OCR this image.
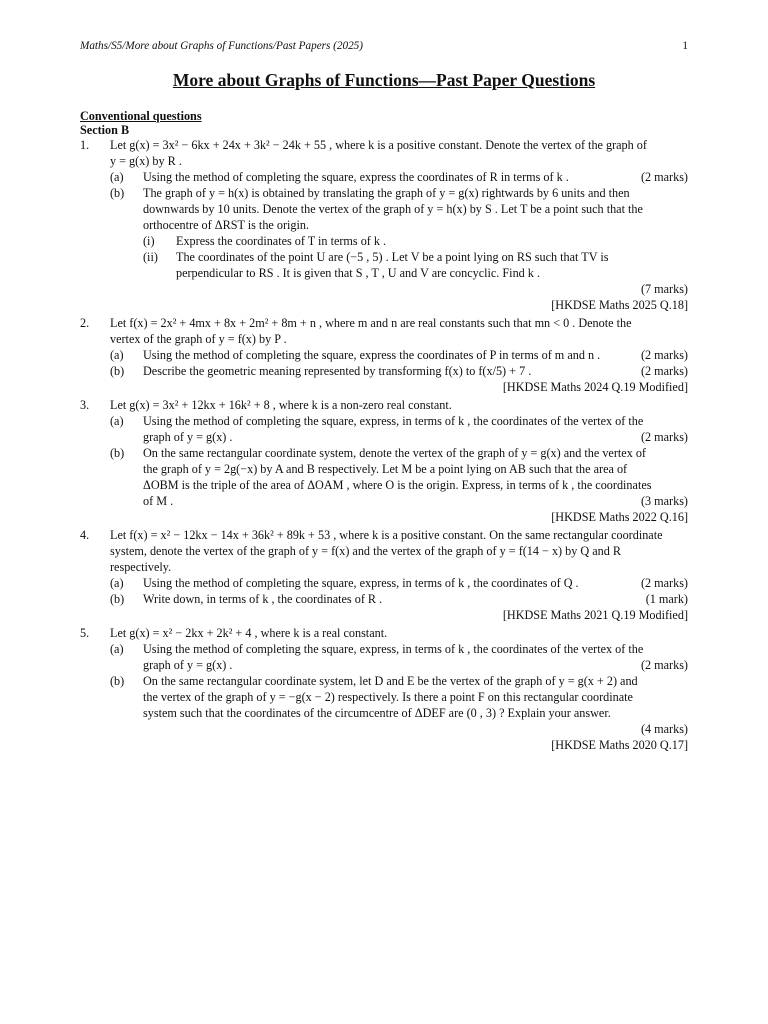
Maths/S5/More about Graphs of Functions/Past Papers (2025)	1
More about Graphs of Functions—Past Paper Questions
Conventional questions
Section B
1. Let g(x) = 3x² − 6kx + 24x + 3k² − 24k + 55 , where k is a positive constant. Denote the vertex of the graph of
y = g(x) by R .
(a)	(2 marks)
Using the method of completing the square, express the coordinates of R in terms of k .
(b) The graph of y = h(x) is obtained by translating the graph of y = g(x) rightwards by 6 units and then
downwards by 10 units. Denote the vertex of the graph of y = h(x) by S . Let T be a point such that the
orthocentre of ΔRST is the origin.
(i) Express the coordinates of T in terms of k .
(ii) The coordinates of the point U are (−5 , 5) . Let V be a point lying on RS such that TV is
perpendicular to RS . It is given that S , T , U and V are concyclic. Find k .
(7 marks)
[HKDSE Maths 2025 Q.18]
2. Let f(x) = 2x² + 4mx + 8x + 2m² + 8m + n , where m and n are real constants such that mn < 0 . Denote the
vertex of the graph of y = f(x) by P .
(a)	(2 marks)
Using the method of completing the square, express the coordinates of P in terms of m and n .
(b)	(2 marks)
Describe the geometric meaning represented by transforming f(x) to f(x/5) + 7 .
[HKDSE Maths 2024 Q.19 Modified]
3. Let g(x) = 3x² + 12kx + 16k² + 8 , where k is a non-zero real constant.
(a) Using the method of completing the square, express, in terms of k , the coordinates of the vertex of the
(2 marks)
graph of y = g(x) .
(b) On the same rectangular coordinate system, denote the vertex of the graph of y = g(x) and the vertex of
the graph of y = 2g(−x) by A and B respectively. Let M be a point lying on AB such that the area of
ΔOBM is the triple of the area of ΔOAM , where O is the origin. Express, in terms of k , the coordinates
(3 marks)
of M .
[HKDSE Maths 2022 Q.16]
4. Let f(x) = x² − 12kx − 14x + 36k² + 89k + 53 , where k is a positive constant. On the same rectangular coordinate
system, denote the vertex of the graph of y = f(x) and the vertex of the graph of y = f(14 − x) by Q and R
respectively.
(a)	(2 marks)
Using the method of completing the square, express, in terms of k , the coordinates of Q .
(b)	(1 mark)
Write down, in terms of k , the coordinates of R .
[HKDSE Maths 2021 Q.19 Modified]
5. Let g(x) = x² − 2kx + 2k² + 4 , where k is a real constant.
(a) Using the method of completing the square, express, in terms of k , the coordinates of the vertex of the
(2 marks)
graph of y = g(x) .
(b) On the same rectangular coordinate system, let D and E be the vertex of the graph of y = g(x + 2) and
the vertex of the graph of y = −g(x − 2) respectively. Is there a point F on this rectangular coordinate
system such that the coordinates of the circumcentre of ΔDEF are (0 , 3) ? Explain your answer.
(4 marks)
[HKDSE Maths 2020 Q.17]
